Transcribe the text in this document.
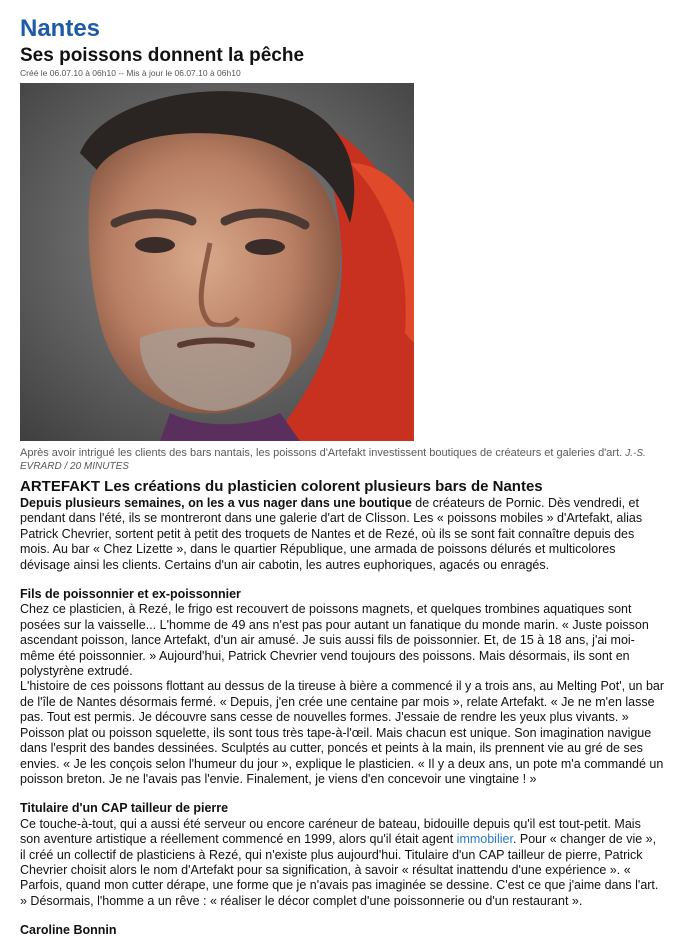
Nantes
Ses poissons donnent la pêche
Créé le 06.07.10 à 06h10 -- Mis à jour le 06.07.10 à 06h10
Après avoir intrigué les clients des bars nantais, les poissons d'Artefakt investissent boutiques de créateurs et galeries d'art. J.-S. EVRARD / 20 MINUTES
ARTEFAKT Les créations du plasticien colorent plusieurs bars de Nantes

Depuis plusieurs semaines, on les a vus nager dans une boutique de créateurs de Pornic. Dès vendredi, et pendant dans l'été, ils se montreront dans une galerie d'art de Clisson. Les « poissons mobiles » d'Artefakt, alias Patrick Chevrier, sortent petit à petit des troquets de Nantes et de Rezé, où ils se sont fait connaître depuis des mois. Au bar « Chez Lizette », dans le quartier République, une armada de poissons délurés et multicolores dévisage ainsi les clients. Certains d'un air cabotin, les autres euphoriques, agacés ou enragés.

Fils de poissonnier et ex-poissonnier

Chez ce plasticien, à Rezé, le frigo est recouvert de poissons magnets, et quelques trombines aquatiques sont posées sur la vaisselle... L'homme de 49 ans n'est pas pour autant un fanatique du monde marin. « Juste poisson ascendant poisson, lance Artefakt, d'un air amusé. Je suis aussi fils de poissonnier. Et, de 15 à 18 ans, j'ai moi-même été poissonnier. » Aujourd'hui, Patrick Chevrier vend toujours des poissons. Mais désormais, ils sont en polystyrène extrudé.

L'histoire de ces poissons flottant au dessus de la tireuse à bière a commencé il y a trois ans, au Melting Pot', un bar de l'île de Nantes désormais fermé. « Depuis, j'en crée une centaine par mois », relate Artefakt. « Je ne m'en lasse pas. Tout est permis. Je découvre sans cesse de nouvelles formes. J'essaie de rendre les yeux plus vivants. »

Poisson plat ou poisson squelette, ils sont tous très tape-à-l'œil. Mais chacun est unique. Son imagination navigue dans l'esprit des bandes dessinées. Sculptés au cutter, poncés et peints à la main, ils prennent vie au gré de ses envies. « Je les conçois selon l'humeur du jour », explique le plasticien. « Il y a deux ans, un pote m'a commandé un poisson breton. Je ne l'avais pas l'envie. Finalement, je viens d'en concevoir une vingtaine ! »

Titulaire d'un CAP tailleur de pierre

Ce touche-à-tout, qui a aussi été serveur ou encore caréneur de bateau, bidouille depuis qu'il est tout-petit. Mais son aventure artistique a réellement commencé en 1999, alors qu'il était agent immobilier. Pour « changer de vie », il créé un collectif de plasticiens à Rezé, qui n'existe plus aujourd'hui. Titulaire d'un CAP tailleur de pierre, Patrick Chevrier choisit alors le nom d'Artefakt pour sa signification, à savoir « résultat inattendu d'une expérience ». « Parfois, quand mon cutter dérape, une forme que je n'avais pas imaginée se dessine. C'est ce que j'aime dans l'art. » Désormais, l'homme a un rêve : « réaliser le décor complet d'une poissonnerie ou d'un restaurant ».

Caroline Bonnin
